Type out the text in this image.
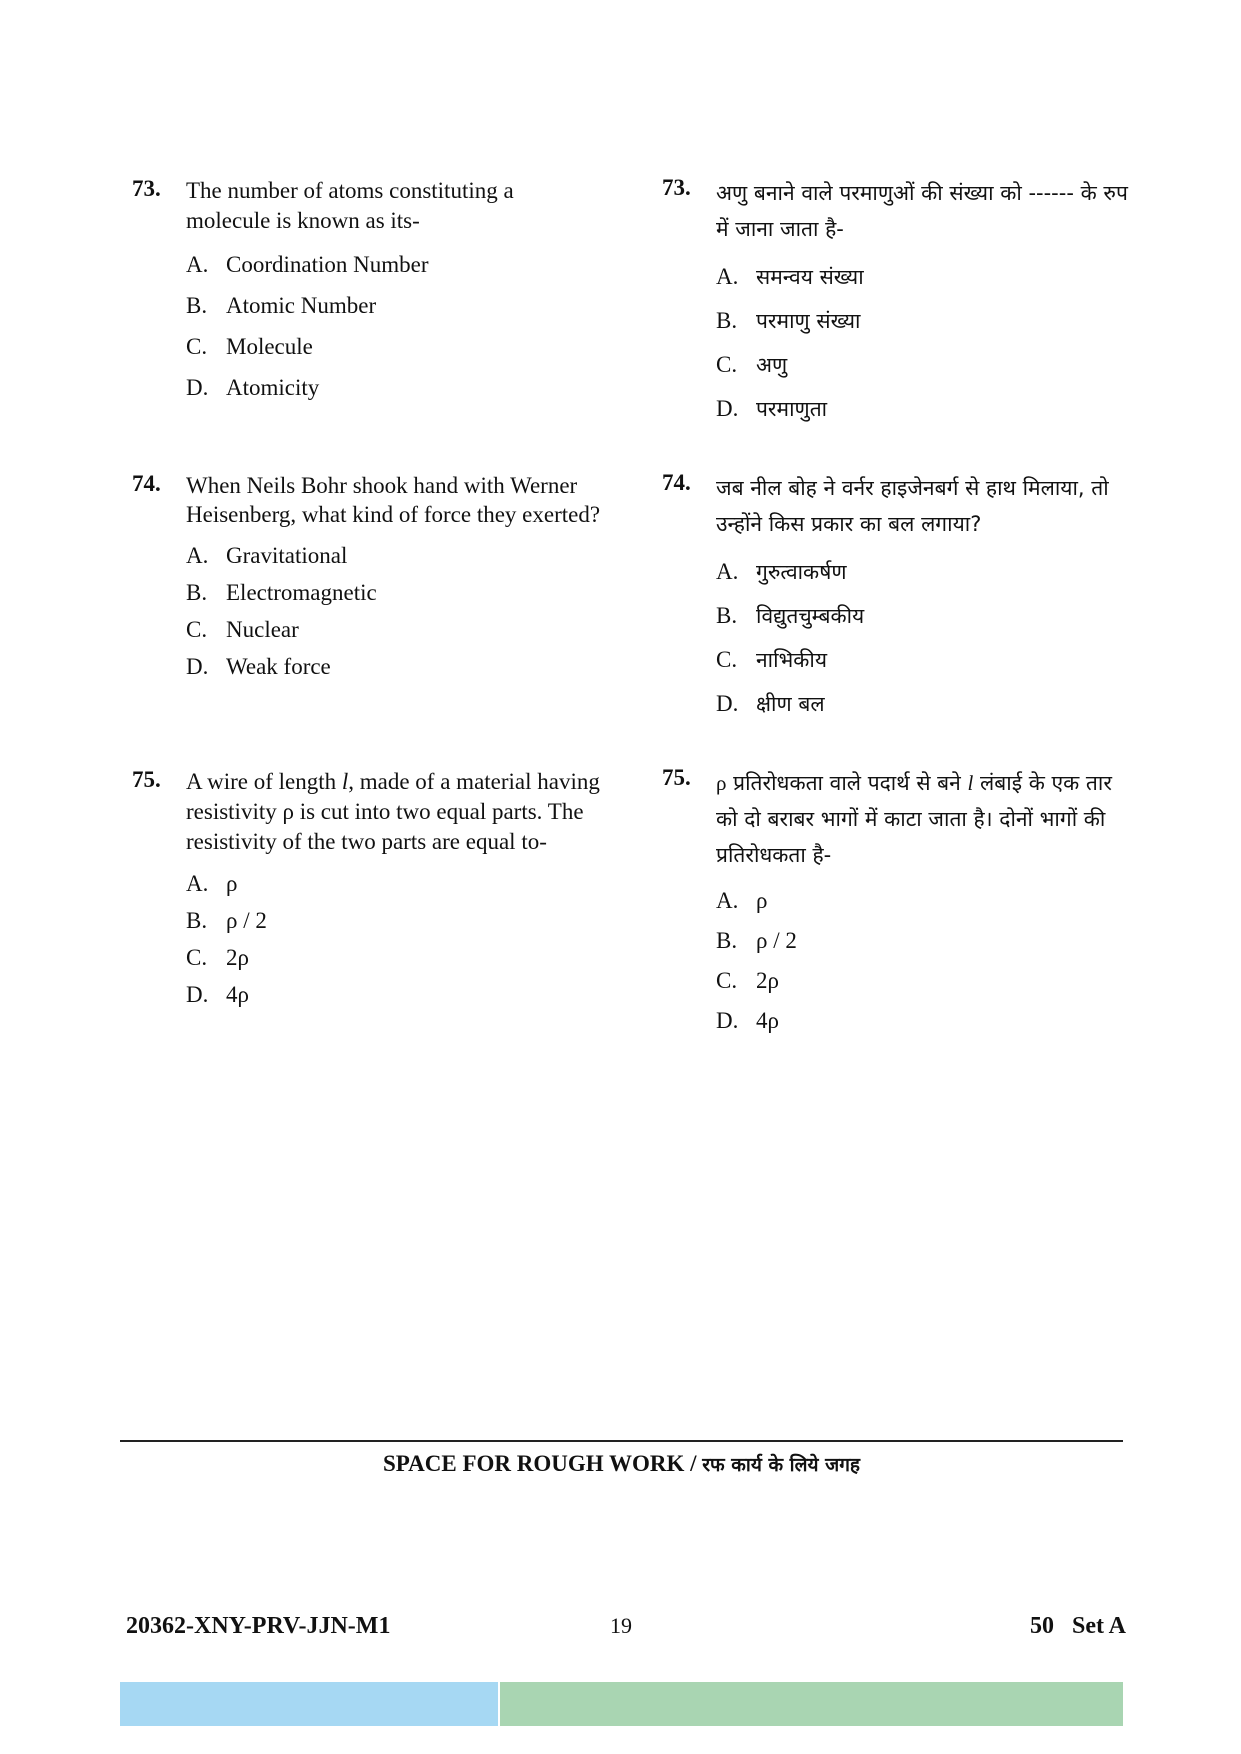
73. The number of atoms constituting a molecule is known as its-
A. Coordination Number
B. Atomic Number
C. Molecule
D. Atomicity
74. When Neils Bohr shook hand with Werner Heisenberg, what kind of force they exerted?
A. Gravitational
B. Electromagnetic
C. Nuclear
D. Weak force
75. A wire of length l, made of a material having resistivity ρ is cut into two equal parts. The resistivity of the two parts are equal to-
A. ρ
B. ρ / 2
C. 2ρ
D. 4ρ
73. अणु बनाने वाले परमाणुओं की संख्या को ------ के रुप में जाना जाता है-
A. समन्वय संख्या
B. परमाणु संख्या
C. अणु
D. परमाणुता
74. जब नील बोह ने वर्नर हाइजेनबर्ग से हाथ मिलाया, तो उन्होंने किस प्रकार का बल लगाया?
A. गुरुत्वाकर्षण
B. विद्युतचुम्बकीय
C. नाभिकीय
D. क्षीण बल
75. ρ प्रतिरोधकता वाले पदार्थ से बने l लंबाई के एक तार को दो बराबर भागों में काटा जाता है। दोनों भागों की प्रतिरोधकता है-
A. ρ
B. ρ / 2
C. 2ρ
D. 4ρ
SPACE FOR ROUGH WORK / रफ कार्य के लिये जगह
20362-XNY-PRV-JJN-M1	19	50   Set A
